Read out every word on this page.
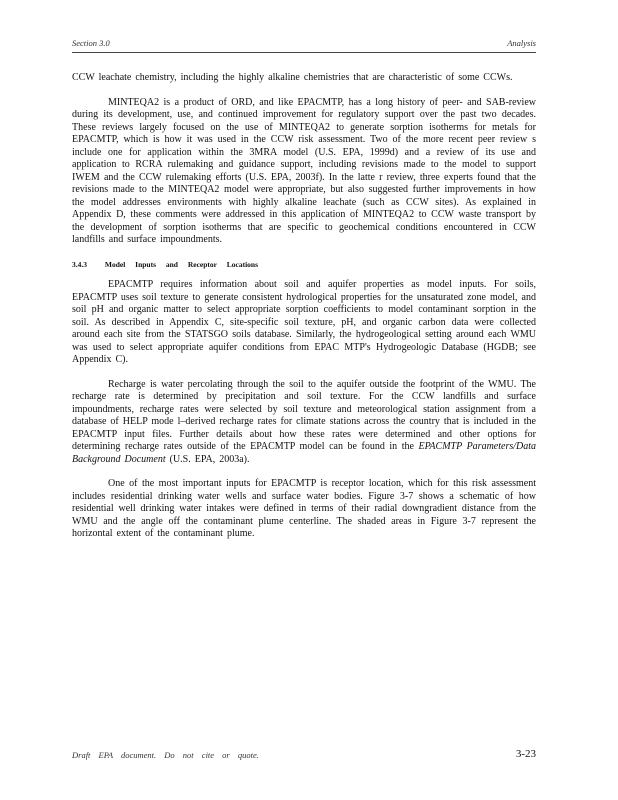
Section 3.0	Analysis

CCW leachate chemistry, including the highly alkaline chemistries that are characteristic of some CCWs.

MINTEQA2 is a product of ORD, and like EPACMTP, has a long history of peer- and SAB-review during its development, use, and continued improvement for regulatory support over the past two decades. These reviews largely focused on the use of MINTEQA2 to generate sorption isotherms for metals for EPACMTP, which is how it was used in the CCW risk assessment. Two of the more recent peer review s include one for application within the 3MRA model (U.S. EPA, 1999d) and a review of its use and application to RCRA rulemaking and guidance support, including revisions made to the model to support IWEM and the CCW rulemaking efforts (U.S. EPA, 2003f). In the latte r review, three experts found that the revisions made to the MINTEQA2 model were appropriate, but also suggested further improvements in how the model addresses environments with highly alkaline leachate (such as CCW sites). As explained in Appendix D, these comments were addressed in this application of MINTEQA2 to CCW waste transport by the development of sorption isotherms that are specific to geochemical conditions encountered in CCW landfills and surface impoundments.

3.4.3 Model Inputs and Receptor Locations

EPACMTP requires information about soil and aquifer properties as model inputs. For soils, EPACMTP uses soil texture to generate consistent hydrological properties for the unsaturated zone model, and soil pH and organic matter to select appropriate sorption coefficients to model contaminant sorption in the soil. As described in Appendix C, site-specific soil texture, pH, and organic carbon data were collected around each site from the STATSGO soils database. Similarly, the hydrogeological setting around each WMU was used to select appropriate aquifer conditions from EPAC MTP's Hydrogeologic Database (HGDB; see Appendix C).

Recharge is water percolating through the soil to the aquifer outside the footprint of the WMU. The recharge rate is determined by precipitation and soil texture. For the CCW landfills and surface impoundments, recharge rates were selected by soil texture and meteorological station assignment from a database of HELP mode l–derived recharge rates for climate stations across the country that is included in the EPACMTP input files. Further details about how these rates were determined and other options for determining recharge rates outside of the EPACMTP model can be found in the EPACMTP Parameters/Data Background Document (U.S. EPA, 2003a).

One of the most important inputs for EPACMTP is receptor location, which for this risk assessment includes residential drinking water wells and surface water bodies. Figure 3-7 shows a schematic of how residential well drinking water intakes were defined in terms of their radial downgradient distance from the WMU and the angle off the contaminant plume centerline. The shaded areas in Figure 3-7 represent the horizontal extent of the contaminant plume.

Draft EPA document. Do not cite or quote.	3-23
